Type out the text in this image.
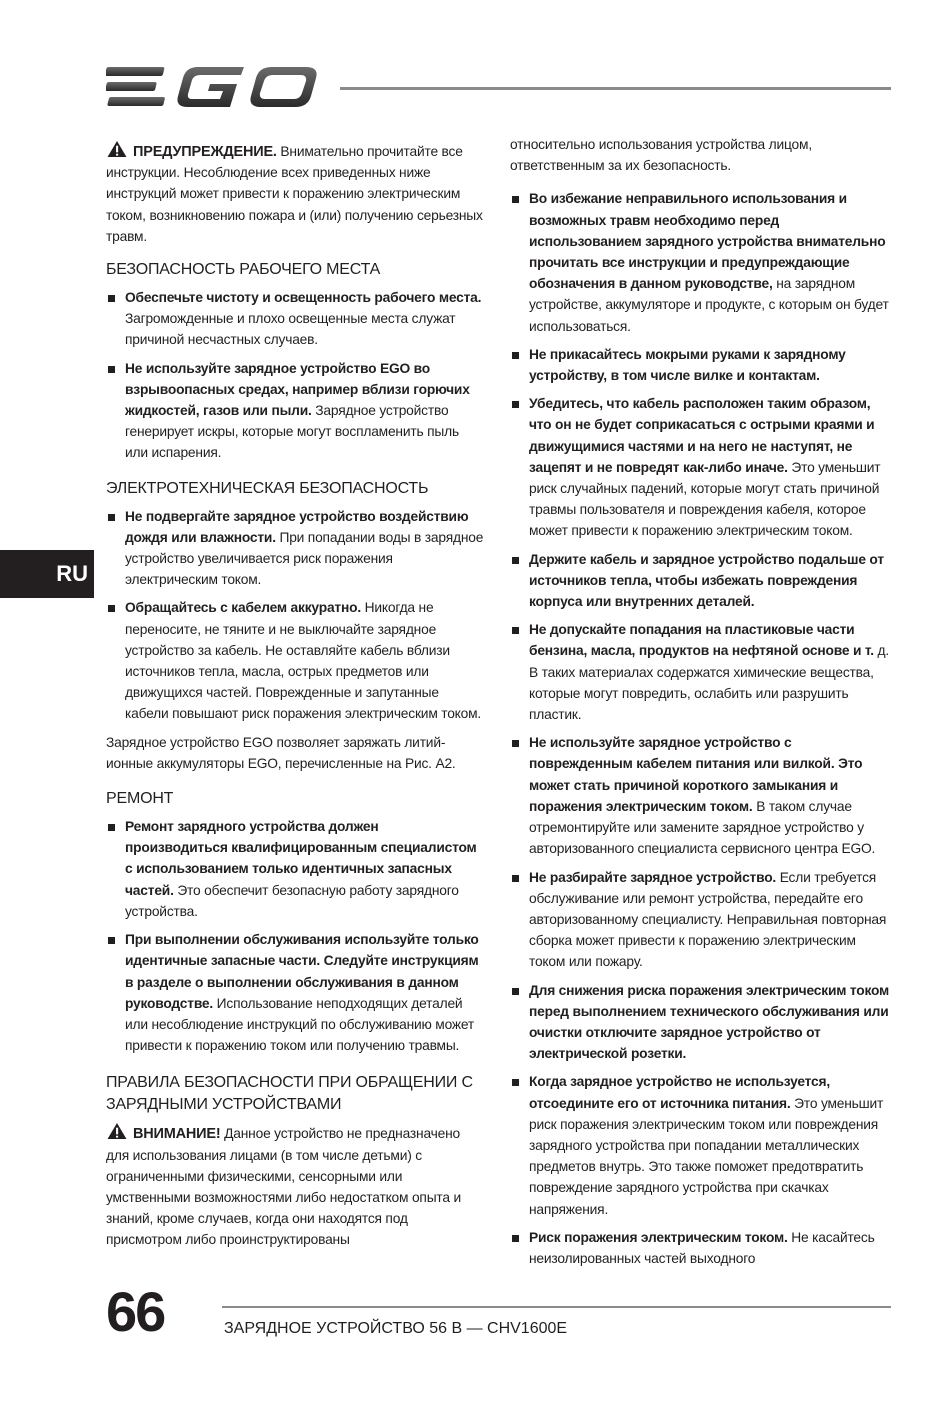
RU

ПРЕДУПРЕЖДЕНИЕ. Внимательно прочитайте все инструкции. Несоблюдение всех приведенных ниже инструкций может привести к поражению электрическим током, возникновению пожара и (или) получению серьезных травм.

БЕЗОПАСНОСТЬ РАБОЧЕГО МЕСТА
Обеспечьте чистоту и освещенность рабочего места. Загроможденные и плохо освещенные места служат причиной несчастных случаев.
Не используйте зарядное устройство EGO во взрывоопасных средах, например вблизи горючих жидкостей, газов или пыли. Зарядное устройство генерирует искры, которые могут воспламенить пыль или испарения.
ЭЛЕКТРОТЕХНИЧЕСКАЯ БЕЗОПАСНОСТЬ
Не подвергайте зарядное устройство воздействию дождя или влажности. При попадании воды в зарядное устройство увеличивается риск поражения электрическим током.
Обращайтесь с кабелем аккуратно. Никогда не переносите, не тяните и не выключайте зарядное устройство за кабель. Не оставляйте кабель вблизи источников тепла, масла, острых предметов или движущихся частей. Поврежденные и запутанные кабели повышают риск поражения электрическим током.

Зарядное устройство EGO позволяет заряжать литий-ионные аккумуляторы EGO, перечисленные на Рис. A2.

РЕМОНТ
Ремонт зарядного устройства должен производиться квалифицированным специалистом с использованием только идентичных запасных частей. Это обеспечит безопасную работу зарядного устройства.
При выполнении обслуживания используйте только идентичные запасные части. Следуйте инструкциям в разделе о выполнении обслуживания в данном руководстве. Использование неподходящих деталей или несоблюдение инструкций по обслуживанию может привести к поражению током или получению травмы.
ПРАВИЛА БЕЗОПАСНОСТИ ПРИ ОБРАЩЕНИИ С ЗАРЯДНЫМИ УСТРОЙСТВАМИ

ВНИМАНИЕ! Данное устройство не предназначено для использования лицами (в том числе детьми) с ограниченными физическими, сенсорными или умственными возможностями либо недостатком опыта и знаний, кроме случаев, когда они находятся под присмотром либо проинструктированы

относительно использования устройства лицом, ответственным за их безопасность.

Во избежание неправильного использования и возможных травм необходимо перед использованием зарядного устройства внимательно прочитать все инструкции и предупреждающие обозначения в данном руководстве, на зарядном устройстве, аккумуляторе и продукте, с которым он будет использоваться.
Не прикасайтесь мокрыми руками к зарядному устройству, в том числе вилке и контактам.
Убедитесь, что кабель расположен таким образом, что он не будет соприкасаться с острыми краями и движущимися частями и на него не наступят, не зацепят и не повредят как-либо иначе. Это уменьшит риск случайных падений, которые могут стать причиной травмы пользователя и повреждения кабеля, которое может привести к поражению электрическим током.
Держите кабель и зарядное устройство подальше от источников тепла, чтобы избежать повреждения корпуса или внутренних деталей.
Не допускайте попадания на пластиковые части бензина, масла, продуктов на нефтяной основе и т. д. В таких материалах содержатся химические вещества, которые могут повредить, ослабить или разрушить пластик.
Не используйте зарядное устройство с поврежденным кабелем питания или вилкой. Это может стать причиной короткого замыкания и поражения электрическим током. В таком случае отремонтируйте или замените зарядное устройство у авторизованного специалиста сервисного центра EGO.
Не разбирайте зарядное устройство. Если требуется обслуживание или ремонт устройства, передайте его авторизованному специалисту. Неправильная повторная сборка может привести к поражению электрическим током или пожару.
Для снижения риска поражения электрическим током перед выполнением технического обслуживания или очистки отключите зарядное устройство от электрической розетки.
Когда зарядное устройство не используется, отсоедините его от источника питания. Это уменьшит риск поражения электрическим током или повреждения зарядного устройства при попадании металлических предметов внутрь. Это также поможет предотвратить повреждение зарядного устройства при скачках напряжения.
Риск поражения электрическим током. Не касайтесь неизолированных частей выходного
66	ЗАРЯДНОЕ УСТРОЙСТВО 56 В — CHV1600E
